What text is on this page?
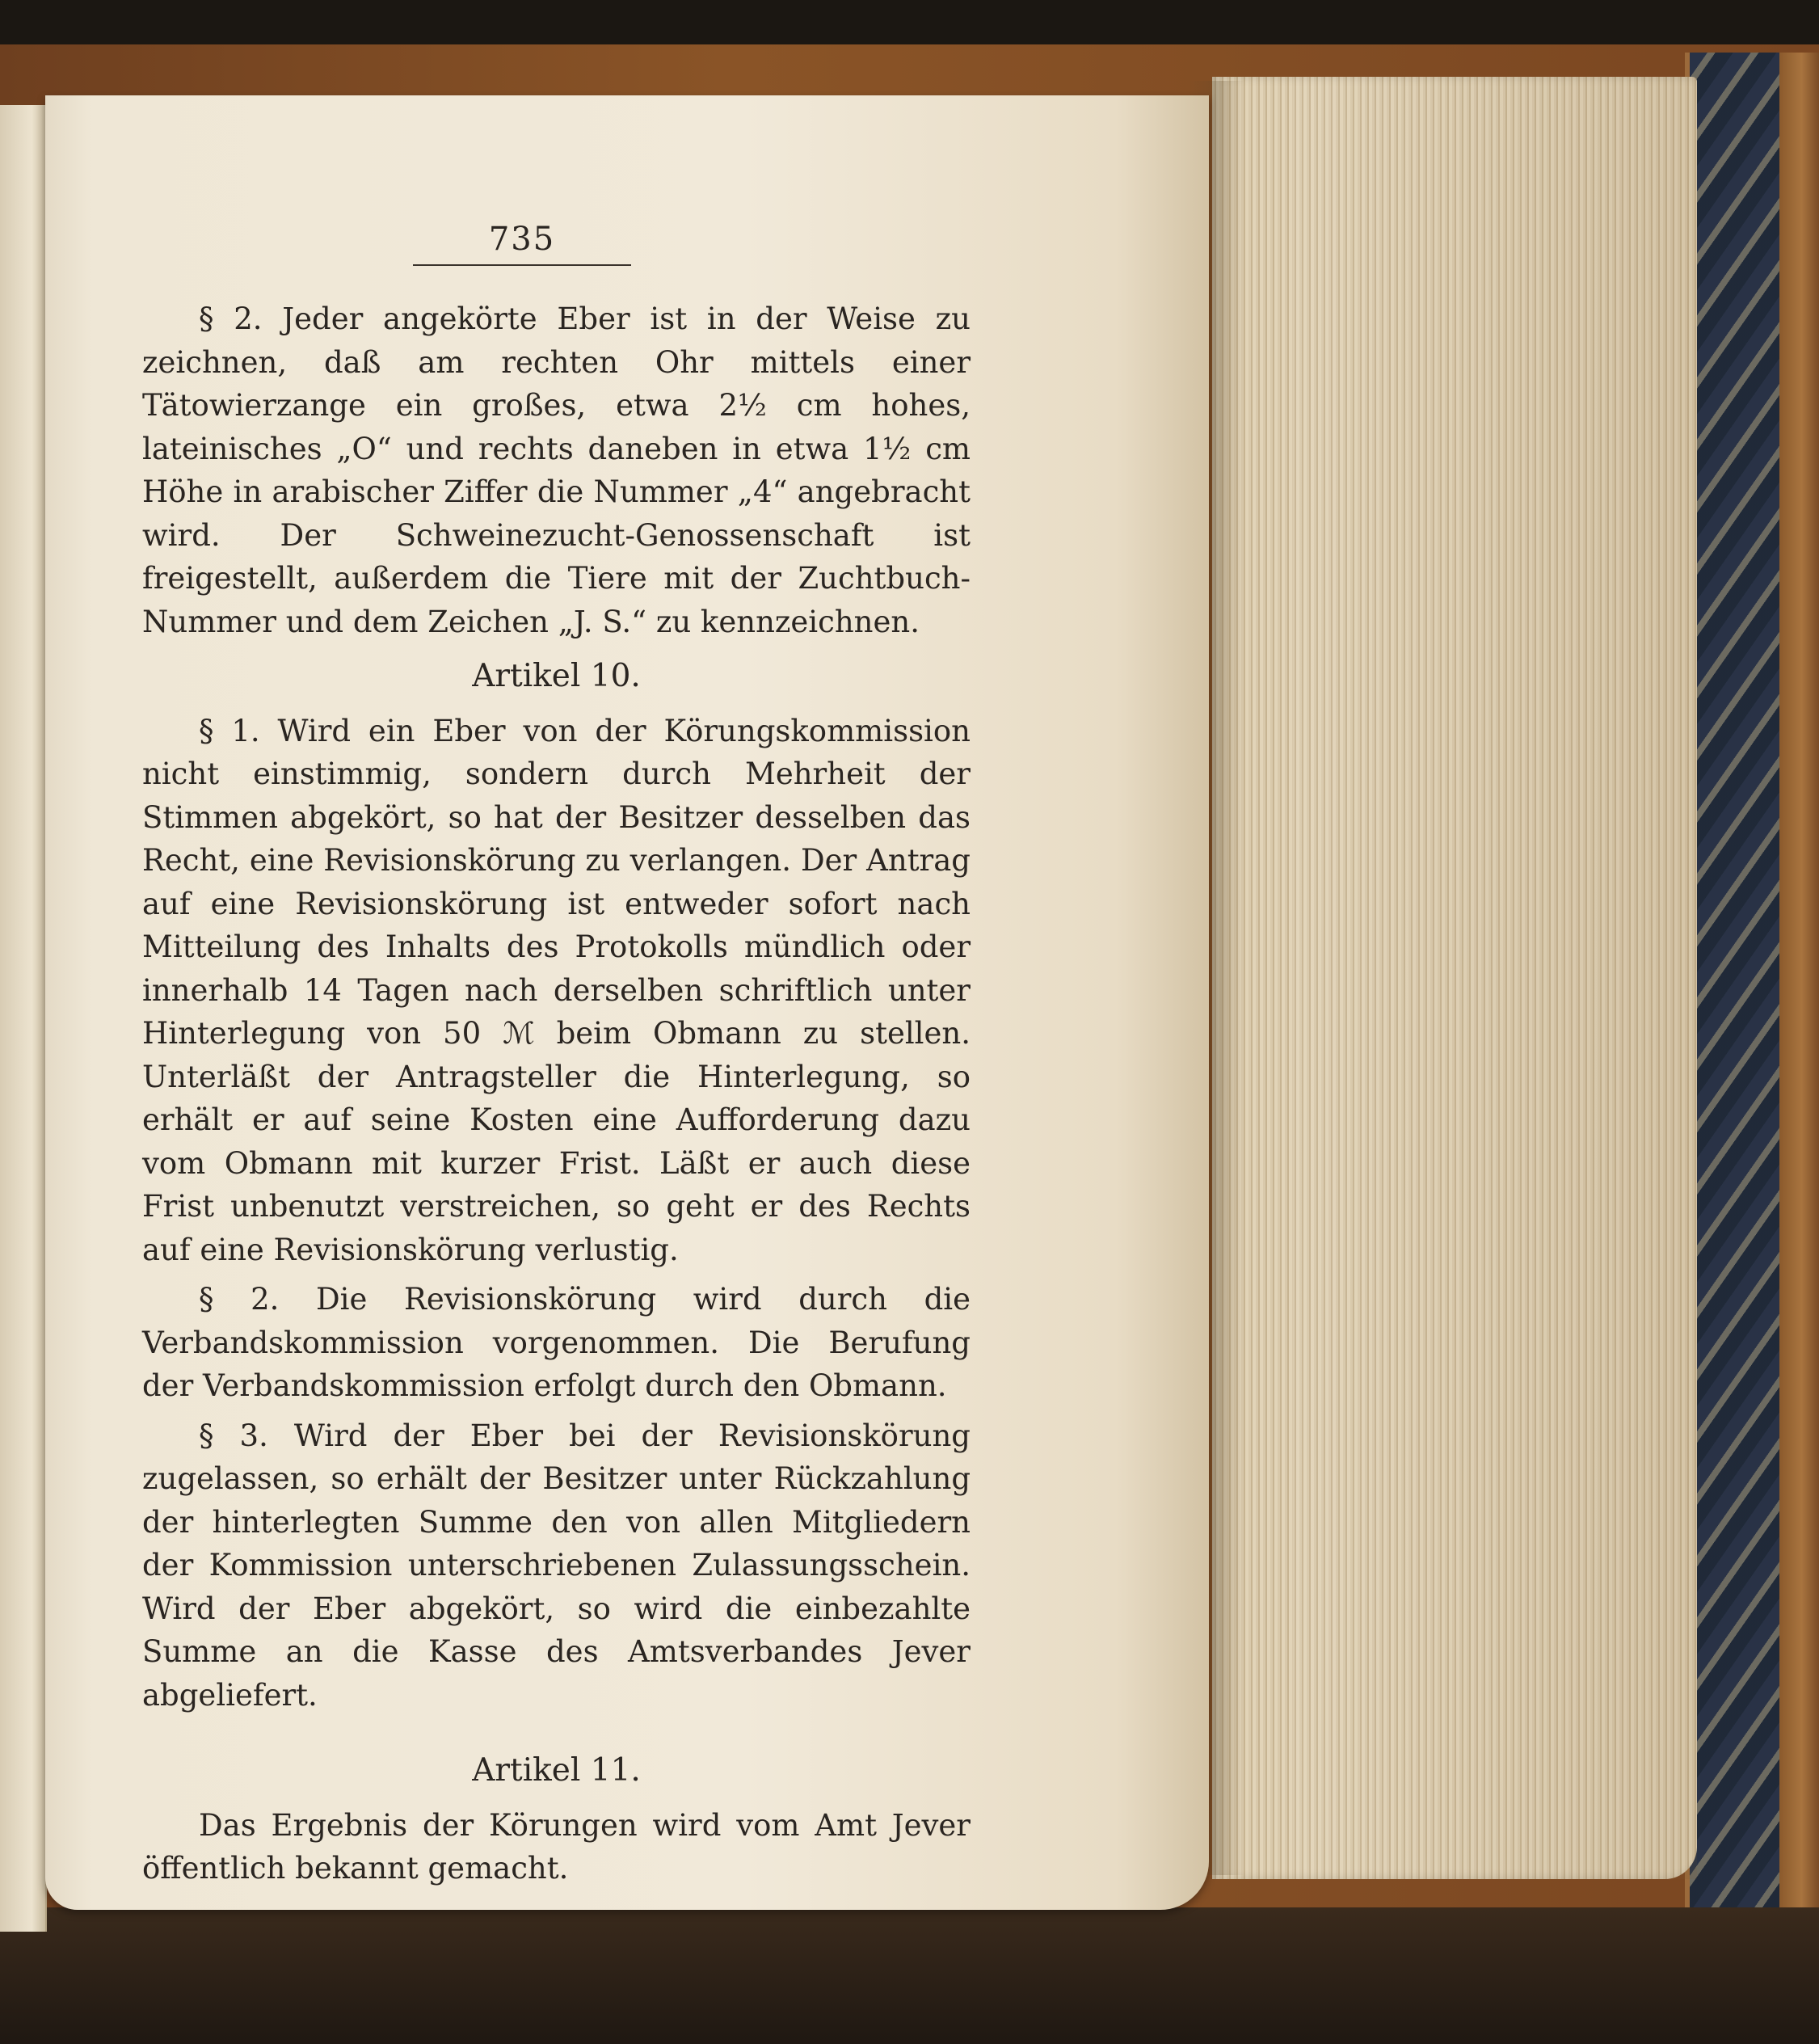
735

§ 2. Jeder angekörte Eber ist in der Weise zu zeichnen, daß am rechten Ohr mittels einer Tätowierzange ein großes, etwa 2½ cm hohes, lateinisches „O“ und rechts daneben in etwa 1½ cm Höhe in arabischer Ziffer die Nummer „4“ angebracht wird. Der Schweinezucht-Genossenschaft ist freigestellt, außerdem die Tiere mit der Zuchtbuch-Nummer und dem Zeichen „J. S.“ zu kennzeichnen.

Artikel 10.

§ 1. Wird ein Eber von der Körungskommission nicht einstimmig, sondern durch Mehrheit der Stimmen abgekört, so hat der Besitzer desselben das Recht, eine Revisionskörung zu verlangen. Der Antrag auf eine Revisionskörung ist entweder sofort nach Mitteilung des Inhalts des Protokolls mündlich oder innerhalb 14 Tagen nach derselben schriftlich unter Hinterlegung von 50 ℳ beim Obmann zu stellen. Unterläßt der Antragsteller die Hinterlegung, so erhält er auf seine Kosten eine Aufforderung dazu vom Obmann mit kurzer Frist. Läßt er auch diese Frist unbenutzt verstreichen, so geht er des Rechts auf eine Revisionskörung verlustig.

§ 2. Die Revisionskörung wird durch die Verbandskommission vorgenommen. Die Berufung der Verbandskommission erfolgt durch den Obmann.

§ 3. Wird der Eber bei der Revisionskörung zugelassen, so erhält der Besitzer unter Rückzahlung der hinterlegten Summe den von allen Mitgliedern der Kommission unterschriebenen Zulassungsschein. Wird der Eber abgekört, so wird die einbezahlte Summe an die Kasse des Amtsverbandes Jever abgeliefert.

Artikel 11.

Das Ergebnis der Körungen wird vom Amt Jever öffentlich bekannt gemacht.
